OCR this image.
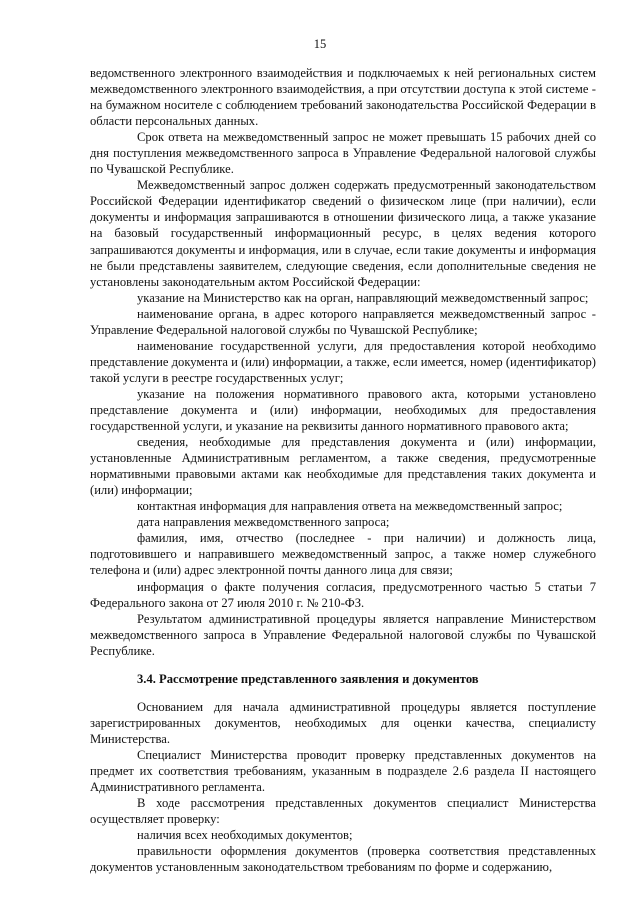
15

ведомственного электронного взаимодействия и подключаемых к ней региональных систем межведомственного электронного взаимодействия, а при отсутствии доступа к этой системе - на бумажном носителе с соблюдением требований законодательства Российской Федерации в области персональных данных.

Срок ответа на межведомственный запрос не может превышать 15 рабочих дней со дня поступления межведомственного запроса в Управление Федеральной налоговой службы по Чувашской Республике.

Межведомственный запрос должен содержать предусмотренный законодательством Российской Федерации идентификатор сведений о физическом лице (при наличии), если документы и информация запрашиваются в отношении физического лица, а также указание на базовый государственный информационный ресурс, в целях ведения которого запрашиваются документы и информация, или в случае, если такие документы и информация не были представлены заявителем, следующие сведения, если дополнительные сведения не установлены законодательным актом Российской Федерации:

указание на Министерство как на орган, направляющий межведомственный запрос;

наименование органа, в адрес которого направляется межведомственный запрос - Управление Федеральной налоговой службы по Чувашской Республике;

наименование государственной услуги, для предоставления которой необходимо представление документа и (или) информации, а также, если имеется, номер (идентификатор) такой услуги в реестре государственных услуг;

указание на положения нормативного правового акта, которыми установлено представление документа и (или) информации, необходимых для предоставления государственной услуги, и указание на реквизиты данного нормативного правового акта;

сведения, необходимые для представления документа и (или) информации, установленные Административным регламентом, а также сведения, предусмотренные нормативными правовыми актами как необходимые для представления таких документа и (или) информации;

контактная информация для направления ответа на межведомственный запрос;

дата направления межведомственного запроса;

фамилия, имя, отчество (последнее - при наличии) и должность лица, подготовившего и направившего межведомственный запрос, а также номер служебного телефона и (или) адрес электронной почты данного лица для связи;

информация о факте получения согласия, предусмотренного частью 5 статьи 7 Федерального закона от 27 июля 2010 г. № 210-ФЗ.

Результатом административной процедуры является направление Министерством межведомственного запроса в Управление Федеральной налоговой службы по Чувашской Республике.

3.4. Рассмотрение представленного заявления и документов

Основанием для начала административной процедуры является поступление зарегистрированных документов, необходимых для оценки качества, специалисту Министерства.

Специалист Министерства проводит проверку представленных документов на предмет их соответствия требованиям, указанным в подразделе 2.6 раздела II настоящего Административного регламента.

В ходе рассмотрения представленных документов специалист Министерства осуществляет проверку:

наличия всех необходимых документов;

правильности оформления документов (проверка соответствия представленных документов установленным законодательством требованиям по форме и содержанию,
